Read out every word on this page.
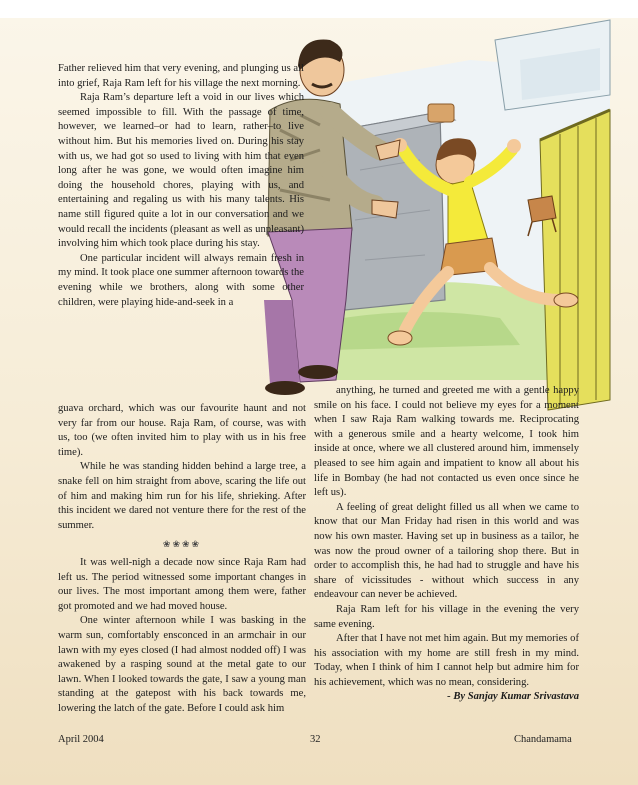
Father relieved him that very evening, and plunging us all into grief, Raja Ram left for his village the next morning.

Raja Ram’s departure left a void in our lives which seemed impossible to fill. With the passage of time, however, we learned–or had to learn, rather–to live without him. But his memories lived on. During his stay with us, we had got so used to living with him that even long after he was gone, we would often imagine him doing the household chores, playing with us, and entertaining and regaling us with his many talents. His name still figured quite a lot in our conversation and we would recall the incidents (pleasant as well as unpleasant) involving him which took place during his stay.

One particular incident will always remain fresh in my mind. It took place one summer afternoon towards the evening while we brothers, along with some other children, were playing hide-and-seek in a

guava orchard, which was our favourite haunt and not very far from our house. Raja Ram, of course, was with us, too (we often invited him to play with us in his free time).

While he was standing hidden behind a large tree, a snake fell on him straight from above, scaring the life out of him and making him run for his life, shrieking. After this incident we dared not venture there for the rest of the summer.

❀❀❀❀

It was well-nigh a decade now since Raja Ram had left us. The period witnessed some important changes in our lives. The most important among them were, father got promoted and we had moved house.

One winter afternoon while I was basking in the warm sun, comfortably ensconced in an armchair in our lawn with my eyes closed (I had almost nodded off) I was awakened by a rasping sound at the metal gate to our lawn. When I looked towards the gate, I saw a young man standing at the gatepost with his back towards me, lowering the latch of the gate. Before I could ask him

anything, he turned and greeted me with a gentle happy smile on his face. I could not believe my eyes for a moment when I saw Raja Ram walking towards me. Reciprocating with a generous smile and a hearty welcome, I took him inside at once, where we all clustered around him, immensely pleased to see him again and impatient to know all about his life in Bombay (he had not contacted us even once since he left us).

A feeling of great delight filled us all when we came to know that our Man Friday had risen in this world and was now his own master. Having set up in business as a tailor, he was now the proud owner of a tailoring shop there. But in order to accomplish this, he had had to struggle and have his share of vicissitudes - without which success in any endeavour can never be achieved.

Raja Ram left for his village in the evening the very same evening.

After that I have not met him again. But my memories of his association with my home are still fresh in my mind. Today, when I think of him I cannot help but admire him for his achievement, which was no mean, considering.

- By Sanjay Kumar Srivastava

April 2004	32	Chandamama
